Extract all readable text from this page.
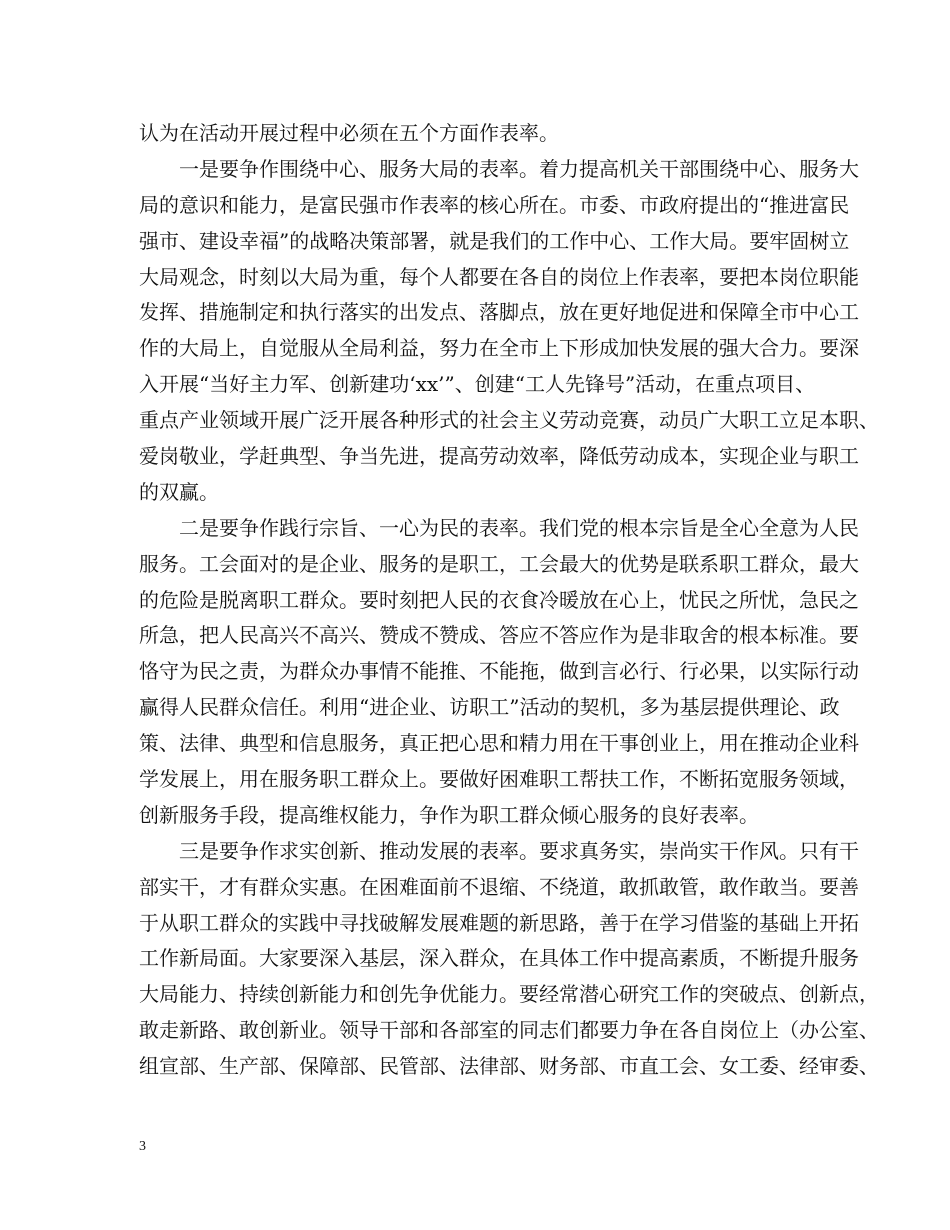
认为在活动开展过程中必须在五个方面作表率。
一是要争作围绕中心、服务大局的表率。着力提高机关干部围绕中心、服务大
局的意识和能力，是富民强市作表率的核心所在。市委、市政府提出的“推进富民
强市、建设幸福”的战略决策部署，就是我们的工作中心、工作大局。要牢固树立
大局观念，时刻以大局为重，每个人都要在各自的岗位上作表率，要把本岗位职能
发挥、措施制定和执行落实的出发点、落脚点，放在更好地促进和保障全市中心工
作的大局上，自觉服从全局利益，努力在全市上下形成加快发展的强大合力。要深
入开展“当好主力军、创新建功‘xx’”、创建“工人先锋号”活动，在重点项目、
重点产业领域开展广泛开展各种形式的社会主义劳动竞赛，动员广大职工立足本职、
爱岗敬业，学赶典型、争当先进，提高劳动效率，降低劳动成本，实现企业与职工
的双赢。
二是要争作践行宗旨、一心为民的表率。我们党的根本宗旨是全心全意为人民
服务。工会面对的是企业、服务的是职工，工会最大的优势是联系职工群众，最大
的危险是脱离职工群众。要时刻把人民的衣食冷暖放在心上，忧民之所忧，急民之
所急，把人民高兴不高兴、赞成不赞成、答应不答应作为是非取舍的根本标准。要
恪守为民之责，为群众办事情不能推、不能拖，做到言必行、行必果，以实际行动
赢得人民群众信任。利用“进企业、访职工”活动的契机，多为基层提供理论、政
策、法律、典型和信息服务，真正把心思和精力用在干事创业上，用在推动企业科
学发展上，用在服务职工群众上。要做好困难职工帮扶工作，不断拓宽服务领域，
创新服务手段，提高维权能力，争作为职工群众倾心服务的良好表率。
三是要争作求实创新、推动发展的表率。要求真务实，崇尚实干作风。只有干
部实干，才有群众实惠。在困难面前不退缩、不绕道，敢抓敢管，敢作敢当。要善
于从职工群众的实践中寻找破解发展难题的新思路，善于在学习借鉴的基础上开拓
工作新局面。大家要深入基层，深入群众，在具体工作中提高素质，不断提升服务
大局能力、持续创新能力和创先争优能力。要经常潜心研究工作的突破点、创新点，
敢走新路、敢创新业。领导干部和各部室的同志们都要力争在各自岗位上（办公室、
组宣部、生产部、保障部、民管部、法律部、财务部、市直工会、女工委、经审委、
3
